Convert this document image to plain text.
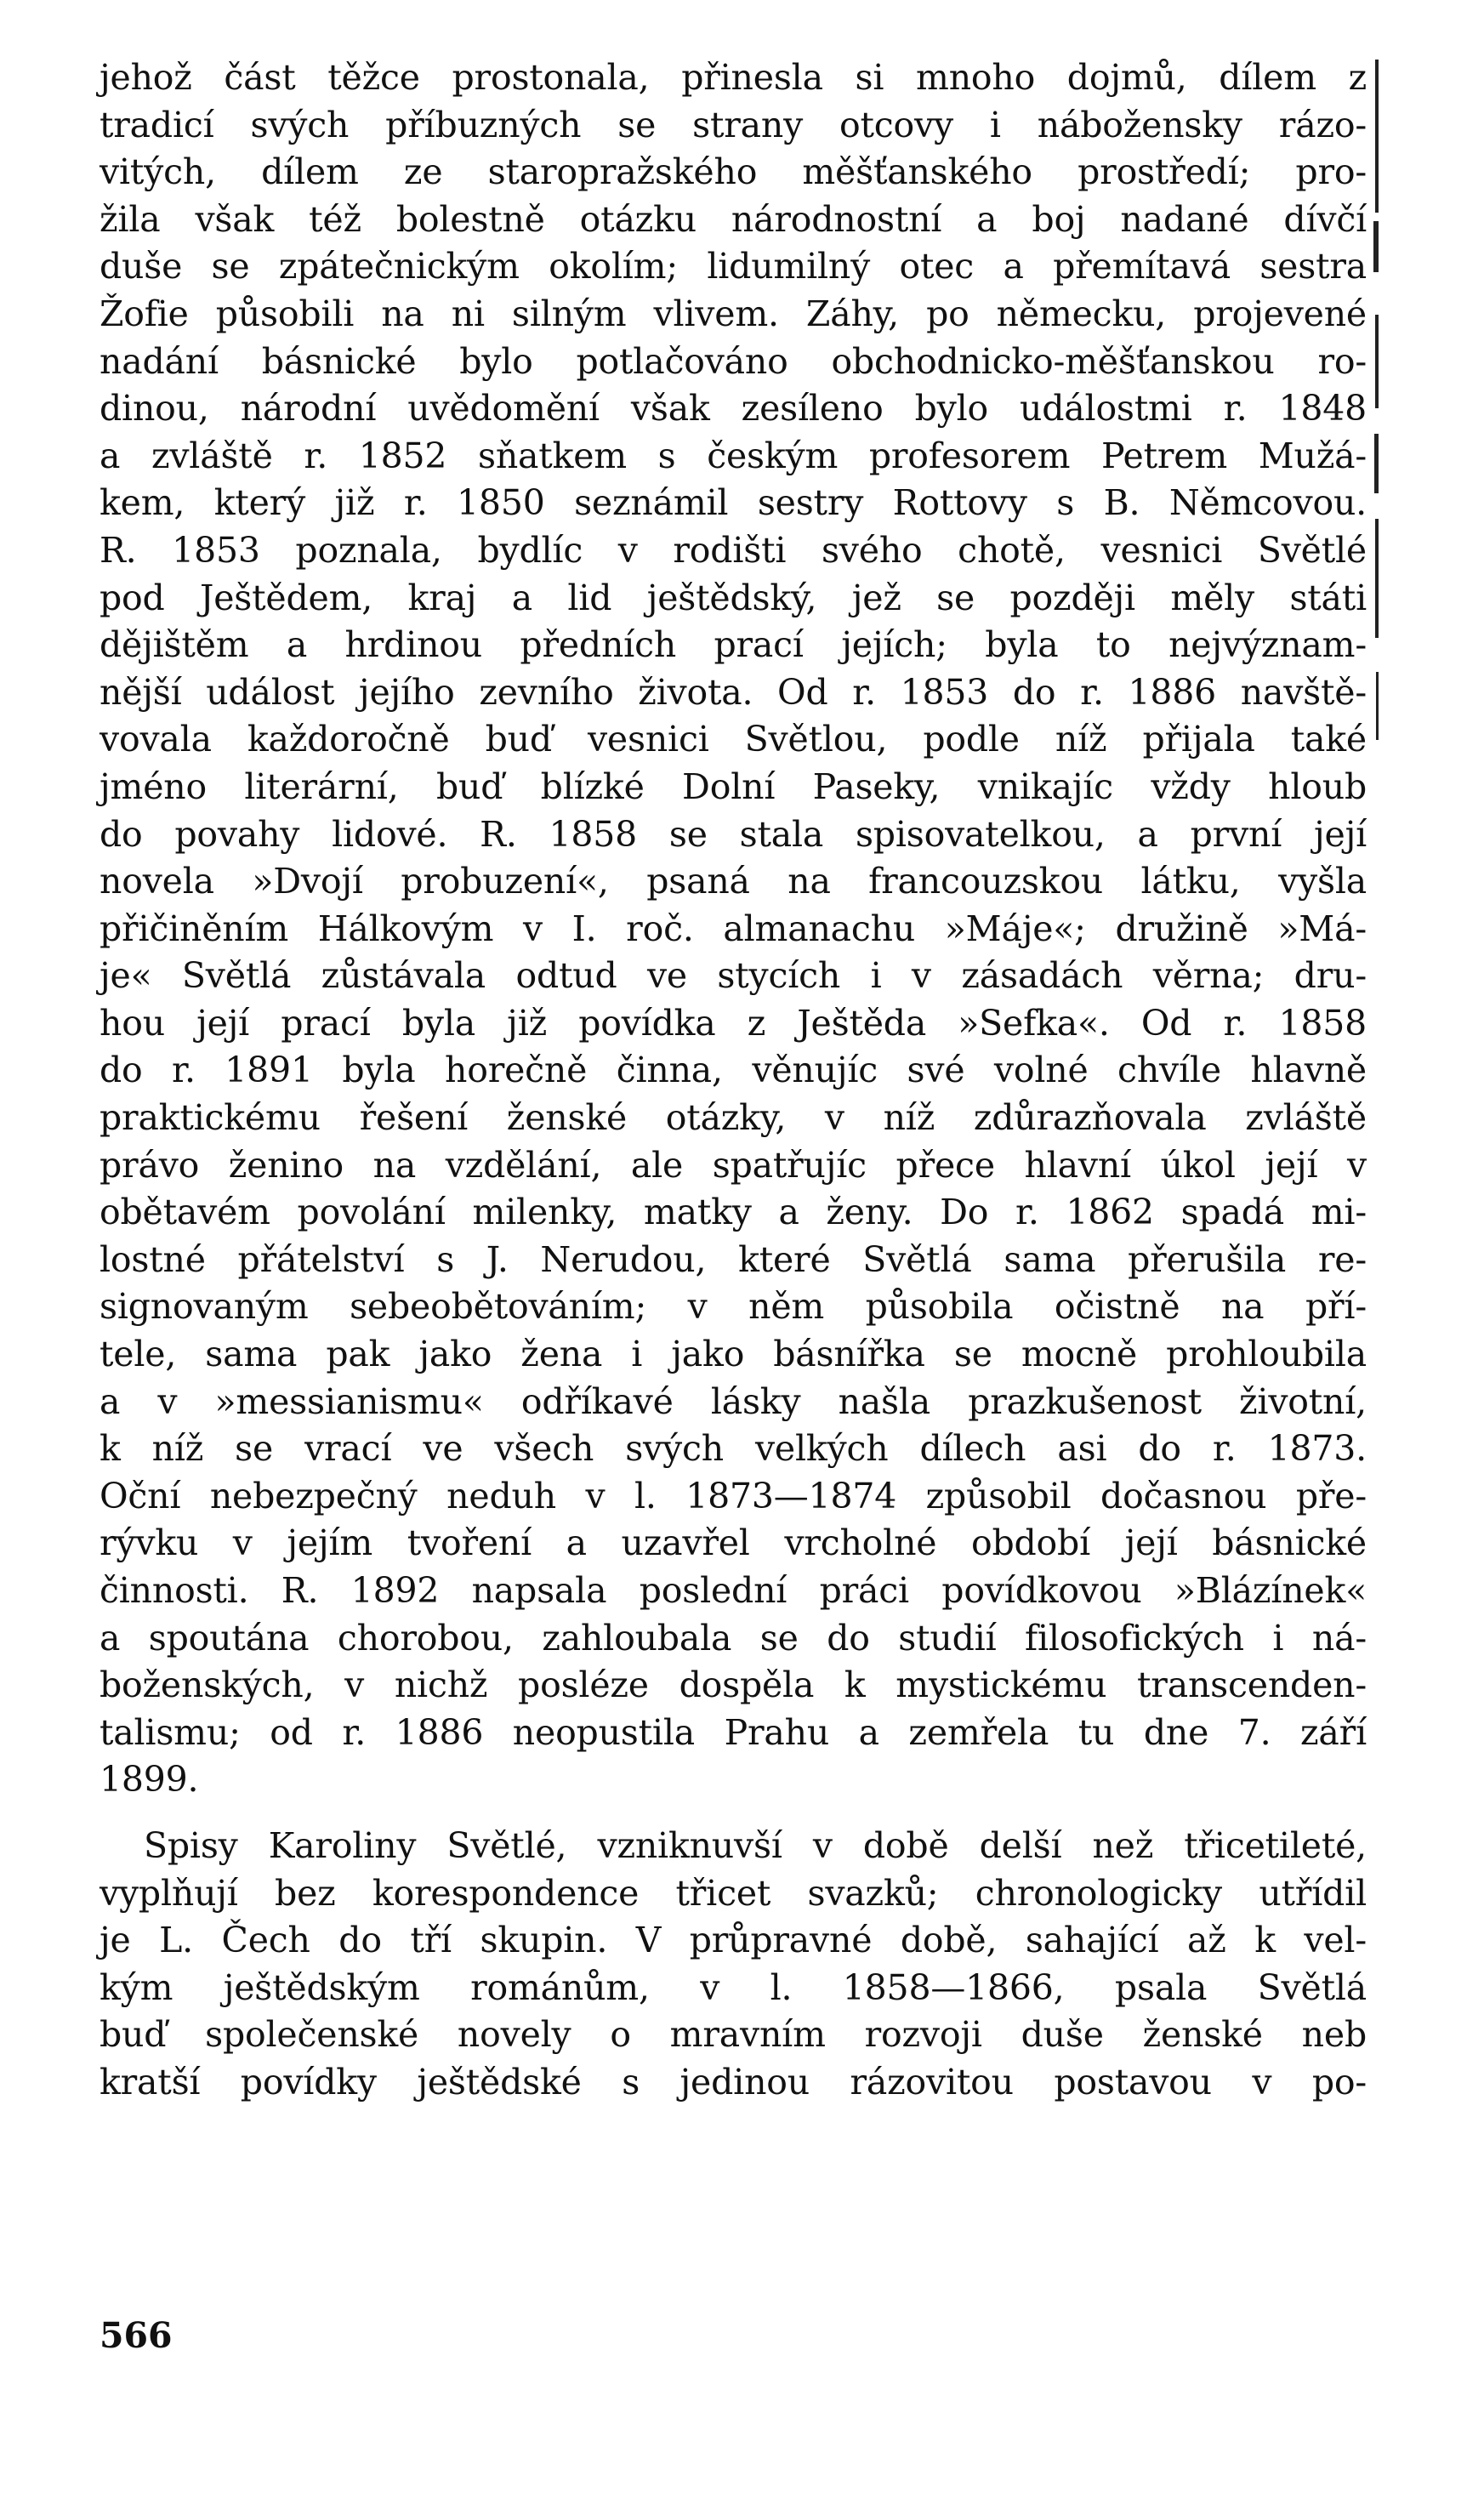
jehož část těžce prostonala, přinesla si mnoho dojmů, dílem z
tradicí svých příbuzných se strany otcovy i nábožensky rázo-
vitých, dílem ze staropražského měšťanského prostředí; pro-
žila však též bolestně otázku národnostní a boj nadané dívčí
duše se zpátečnickým okolím; lidumilný otec a přemítavá sestra
Žofie působili na ni silným vlivem. Záhy, po německu, projevené
nadání básnické bylo potlačováno obchodnicko-měšťanskou ro-
dinou, národní uvědomění však zesíleno bylo událostmi r. 1848
a zvláště r. 1852 sňatkem s českým profesorem Petrem Mužá-
kem, který již r. 1850 seznámil sestry Rottovy s B. Němcovou.
R. 1853 poznala, bydlíc v rodišti svého chotě, vesnici Světlé
pod Ještědem, kraj a lid ještědský, jež se později měly státi
dějištěm a hrdinou předních prací jejích; byla to nejvýznam-
nější událost jejího zevního života. Od r. 1853 do r. 1886 navště-
vovala každoročně buď vesnici Světlou, podle níž přijala také
jméno literární, buď blízké Dolní Paseky, vnikajíc vždy hloub
do povahy lidové. R. 1858 se stala spisovatelkou, a první její
novela »Dvojí probuzení«, psaná na francouzskou látku, vyšla
přičiněním Hálkovým v I. roč. almanachu »Máje«; družině »Má-
je« Světlá zůstávala odtud ve stycích i v zásadách věrna; dru-
hou její prací byla již povídka z Ještěda »Sefka«. Od r. 1858
do r. 1891 byla horečně činna, věnujíc své volné chvíle hlavně
praktickému řešení ženské otázky, v níž zdůrazňovala zvláště
právo ženino na vzdělání, ale spatřujíc přece hlavní úkol její v
obětavém povolání milenky, matky a ženy. Do r. 1862 spadá mi-
lostné přátelství s J. Nerudou, které Světlá sama přerušila re-
signovaným sebeobětováním; v něm působila očistně na pří-
tele, sama pak jako žena i jako básnířka se mocně prohloubila
a v »messianismu« odříkavé lásky našla prazkušenost životní,
k níž se vrací ve všech svých velkých dílech asi do r. 1873.
Oční nebezpečný neduh v l. 1873—1874 způsobil dočasnou pře-
rývku v jejím tvoření a uzavřel vrcholné období její básnické
činnosti. R. 1892 napsala poslední práci povídkovou »Blázínek«
a spoutána chorobou, zahloubala se do studií filosofických i ná-
boženských, v nichž posléze dospěla k mystickému transcenden-
talismu; od r. 1886 neopustila Prahu a zemřela tu dne 7. září
1899.
Spisy Karoliny Světlé, vzniknuvší v době delší než třicetileté,
vyplňují bez korespondence třicet svazků; chronologicky utřídil
je L. Čech do tří skupin. V průpravné době, sahající až k vel-
kým ještědským románům, v l. 1858—1866, psala Světlá
buď společenské novely o mravním rozvoji duše ženské neb
kratší povídky ještědské s jedinou rázovitou postavou v po-
566
